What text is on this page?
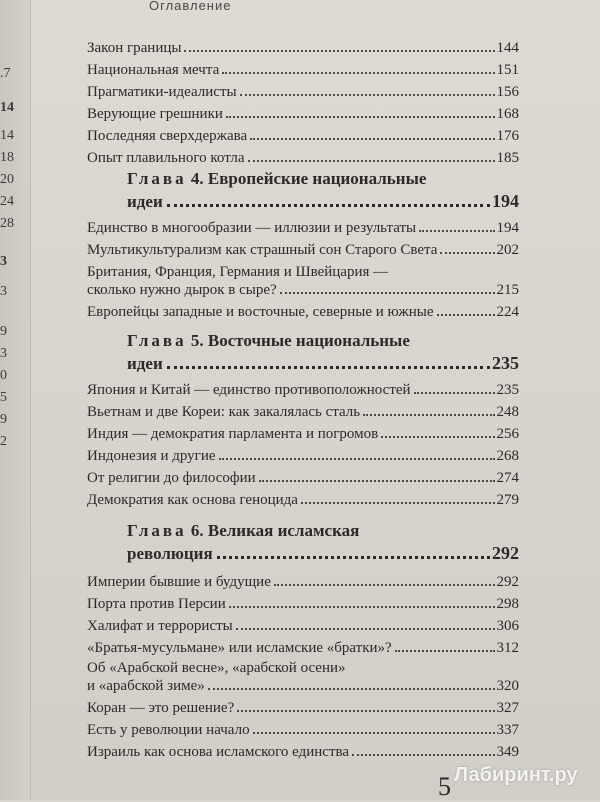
.7
14
14
18
20
24
28
3
3
9
3
0
5
9
2
Оглавление
Закон границы	144
Национальная мечта	151
Прагматики-идеалисты	156
Верующие грешники	168
Последняя сверхдержава	176
Опыт плавильного котла	185
Глава 4. Европейские национальные
идеи	194
Единство в многообразии — иллюзии и результаты	194
Мультикультурализм как страшный сон Старого Света	202
Британия, Франция, Германия и Швейцария —
сколько нужно дырок в сыре?	215
Европейцы западные и восточные, северные и южные	224
Глава 5. Восточные национальные
идеи	235
Япония и Китай — единство противоположностей	235
Вьетнам и две Кореи: как закалялась сталь	248
Индия — демократия парламента и погромов	256
Индонезия и другие	268
От религии до философии	274
Демократия как основа геноцида	279
Глава 6. Великая исламская
революция	292
Империи бывшие и будущие	292
Порта против Персии	298
Халифат и террористы	306
«Братья-мусульмане» или исламские «братки»?	312
Об «Арабской весне», «арабской осени»
и «арабской зиме»	320
Коран — это решение?	327
Есть у революции начало	337
Израиль как основа исламского единства	349
5 Лабиринт.ру
